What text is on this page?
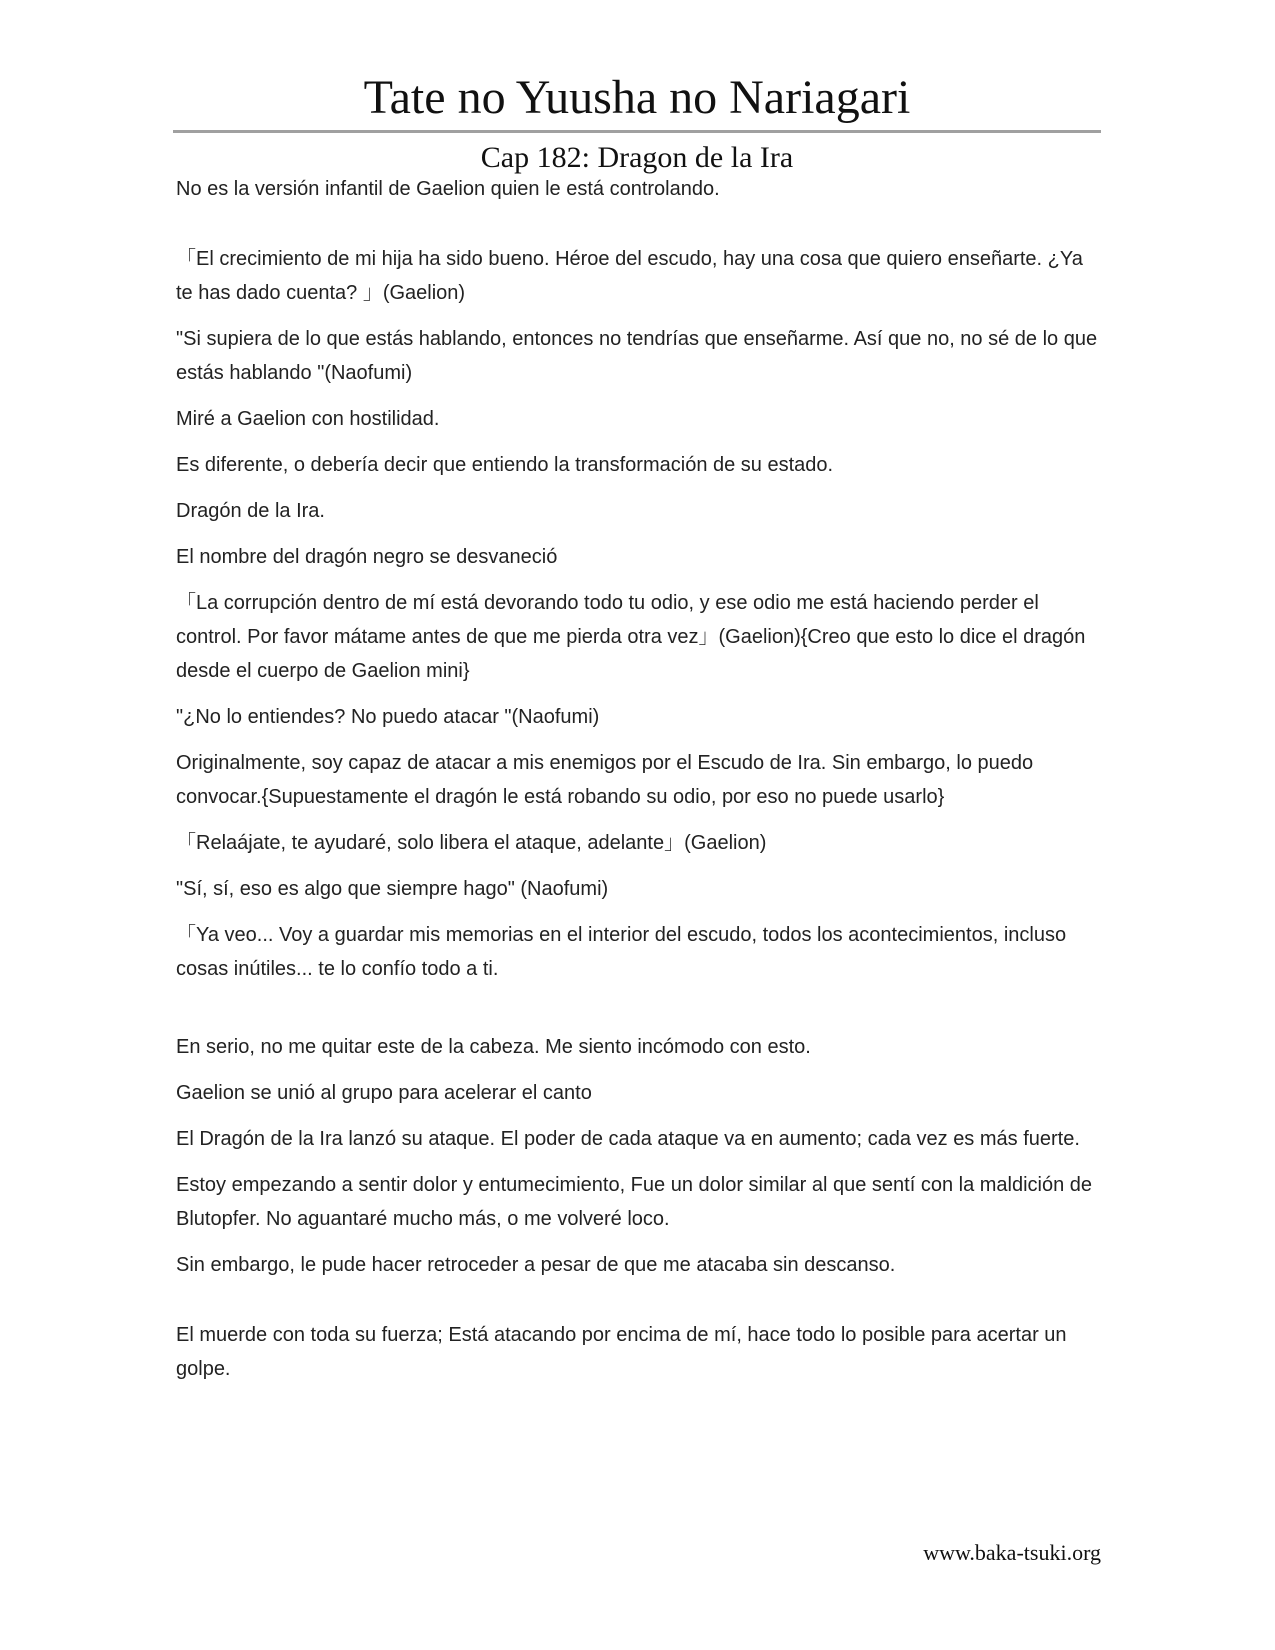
Tate no Yuusha no Nariagari
Cap 182: Dragon de la Ira

No es la versión infantil de Gaelion quien le está controlando.

「El crecimiento de mi hija ha sido bueno. Héroe del escudo, hay una cosa que quiero enseñarte. ¿Ya te has dado cuenta? 」(Gaelion)

"Si supiera de lo que estás hablando, entonces no tendrías que enseñarme. Así que no, no sé de lo que estás hablando "(Naofumi)

Miré a Gaelion con hostilidad.

Es diferente, o debería decir que entiendo la transformación de su estado.

Dragón de la Ira.

El nombre del dragón negro se desvaneció

「La corrupción dentro de mí está devorando todo tu odio, y ese odio me está haciendo perder el control. Por favor mátame antes de que me pierda otra vez」(Gaelion){Creo que esto lo dice el dragón desde el cuerpo de Gaelion mini}

"¿No lo entiendes? No puedo atacar "(Naofumi)

Originalmente, soy capaz de atacar a mis enemigos por el Escudo de Ira. Sin embargo, lo puedo convocar.{Supuestamente el dragón le está robando su odio, por eso no puede usarlo}

「Relaájate, te ayudaré, solo libera el ataque, adelante」(Gaelion)

"Sí, sí, eso es algo que siempre hago" (Naofumi)

「Ya veo... Voy a guardar mis memorias en el interior del escudo, todos los acontecimientos, incluso cosas inútiles... te lo confío todo a ti.

En serio, no me quitar este de la cabeza. Me siento incómodo con esto.

Gaelion se unió al grupo para acelerar el canto

El Dragón de la Ira lanzó su ataque. El poder de cada ataque va en aumento; cada vez es más fuerte.

Estoy empezando a sentir dolor y entumecimiento, Fue un dolor similar al que sentí con la maldición de Blutopfer. No aguantaré mucho más, o me volveré loco.

Sin embargo, le pude hacer retroceder a pesar de que me atacaba sin descanso.

El muerde con toda su fuerza; Está atacando por encima de mí, hace todo lo posible para acertar un golpe.

www.baka-tsuki.org
